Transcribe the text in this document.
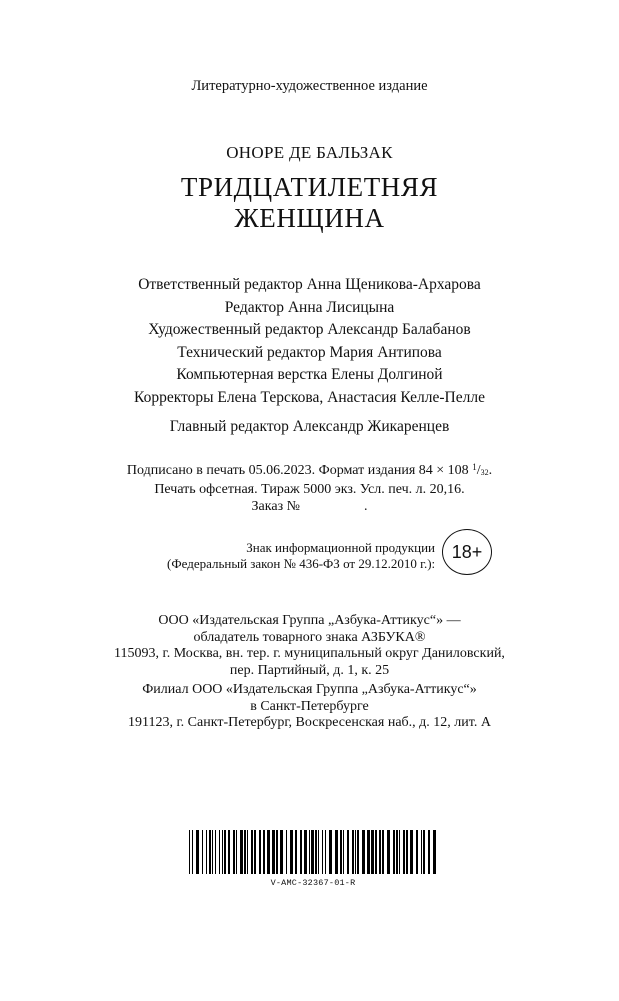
Литературно-художественное издание
ОНОРЕ ДЕ БАЛЬЗАК
ТРИДЦАТИЛЕТНЯЯ
ЖЕНЩИНА
Ответственный редактор Анна Щеникова-Архарова
Редактор Анна Лисицына
Художественный редактор Александр Балабанов
Технический редактор Мария Антипова
Компьютерная верстка Елены Долгиной
Корректоры Елена Терскова, Анастасия Келле-Пелле
Главный редактор Александр Жикаренцев
Подписано в печать 05.06.2023. Формат издания 84 × 108 $^1/_{32}$.
Печать офсетная. Тираж 5000 экз. Усл. печ. л. 20,16.
Заказ №	.
Знак информационной продукции
(Федеральный закон № 436-ФЗ от 29.12.2010 г.):
18+
ООО «Издательская Группа „Азбука-Аттикус“» —
обладатель товарного знака АЗБУКА®
115093, г. Москва, вн. тер. г. муниципальный округ Даниловский,
пер. Партийный, д. 1, к. 25
Филиал ООО «Издательская Группа „Азбука-Аттикус“»
в Санкт-Петербурге
191123, г. Санкт-Петербург, Воскресенская наб., д. 12, лит. А
V-AMC-32367-01-R
